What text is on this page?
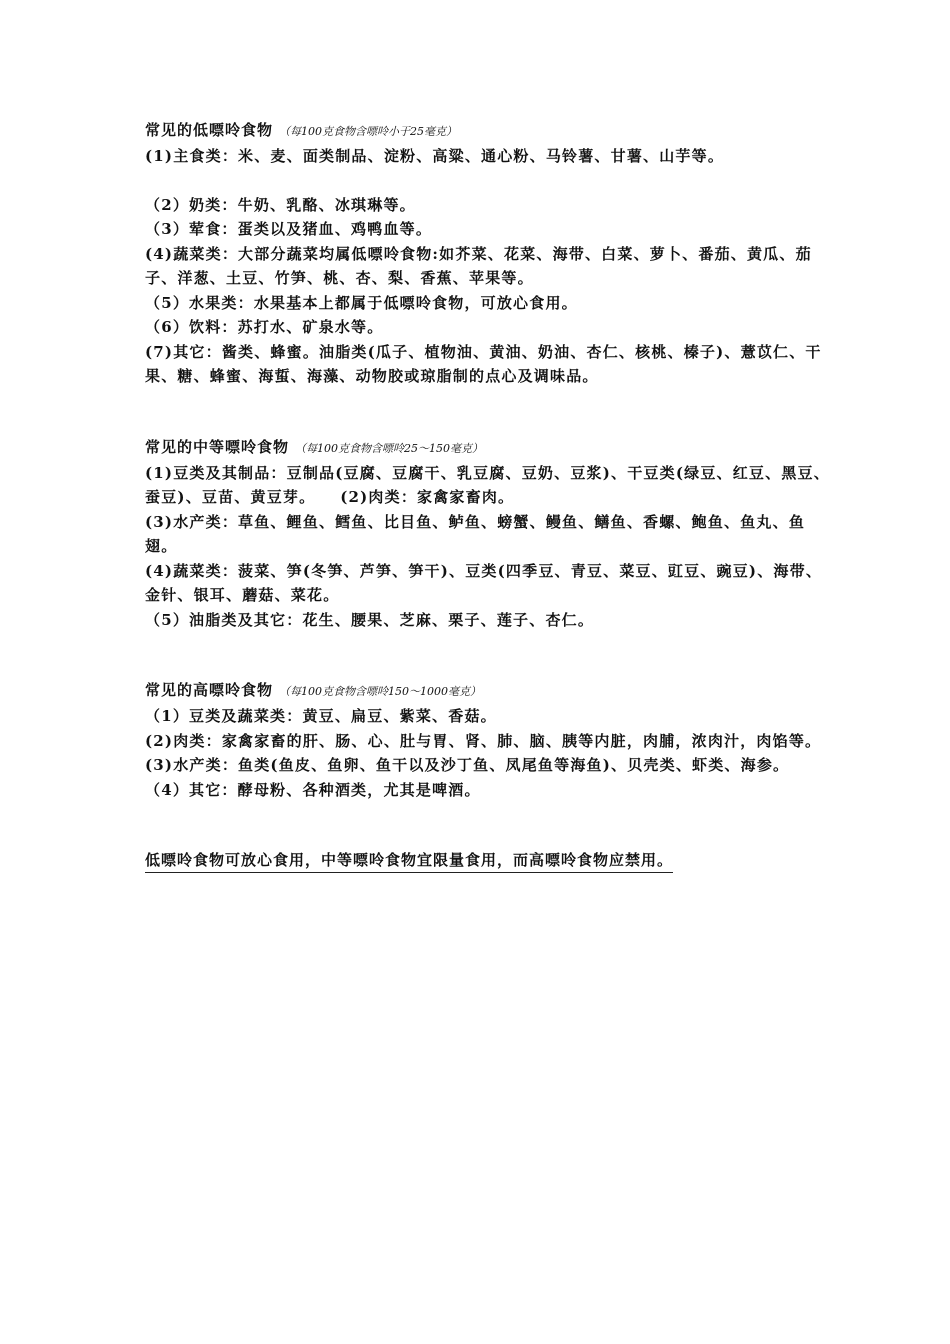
常见的低嘌呤食物 （每100克食物含嘌呤小于25毫克）
(1)主食类：米、麦、面类制品、淀粉、高粱、通心粉、马铃薯、甘薯、山芋等。
（2）奶类：牛奶、乳酪、冰琪琳等。
（3）荤食：蛋类以及猪血、鸡鸭血等。
(4)蔬菜类：大部分蔬菜均属低嘌呤食物:如芥菜、花菜、海带、白菜、萝卜、番茄、黄瓜、茄子、洋葱、土豆、竹笋、桃、杏、梨、香蕉、苹果等。
（5）水果类：水果基本上都属于低嘌呤食物，可放心食用。
（6）饮料：苏打水、矿泉水等。
(7)其它：酱类、蜂蜜。油脂类(瓜子、植物油、黄油、奶油、杏仁、核桃、榛子)、薏苡仁、干果、糖、蜂蜜、海蜇、海藻、动物胶或琼脂制的点心及调味品。
常见的中等嘌呤食物 （每100克食物含嘌呤25～150毫克）
(1)豆类及其制品：豆制品(豆腐、豆腐干、乳豆腐、豆奶、豆浆)、干豆类(绿豆、红豆、黑豆、蚕豆)、豆苗、黄豆芽。　　(2)肉类：家禽家畜肉。
(3)水产类：草鱼、鲤鱼、鳕鱼、比目鱼、鲈鱼、螃蟹、鳗鱼、鳝鱼、香螺、鲍鱼、鱼丸、鱼翅。
(4)蔬菜类：菠菜、笋(冬笋、芦笋、笋干)、豆类(四季豆、青豆、菜豆、豇豆、豌豆)、海带、金针、银耳、蘑菇、菜花。
（5）油脂类及其它：花生、腰果、芝麻、栗子、莲子、杏仁。
常见的高嘌呤食物 （每100克食物含嘌呤150～1000毫克）
（1）豆类及蔬菜类：黄豆、扁豆、紫菜、香菇。
(2)肉类：家禽家畜的肝、肠、心、肚与胃、肾、肺、脑、胰等内脏，肉脯，浓肉汁，肉馅等。
(3)水产类：鱼类(鱼皮、鱼卵、鱼干以及沙丁鱼、凤尾鱼等海鱼)、贝壳类、虾类、海参。
（4）其它：酵母粉、各种酒类，尤其是啤酒。
低嘌呤食物可放心食用，中等嘌呤食物宜限量食用，而高嘌呤食物应禁用。
